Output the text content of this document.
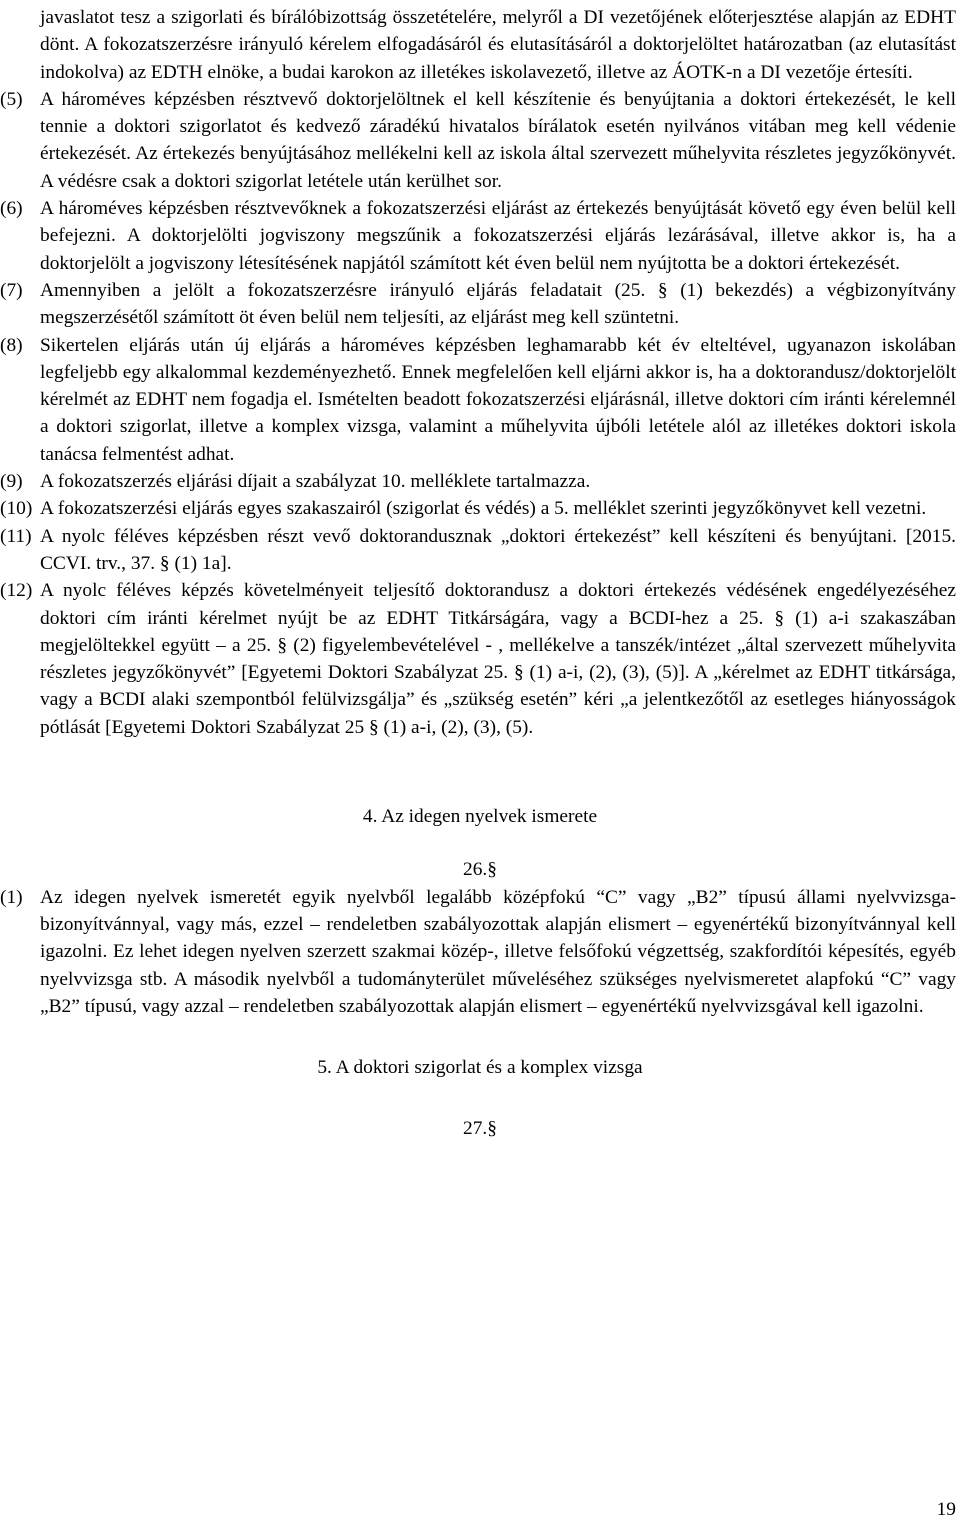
javaslatot tesz a szigorlati és bírálóbizottság összetételére, melyről a DI vezetőjének előterjesztése alapján az EDHT dönt. A fokozatszerzésre irányuló kérelem elfogadásáról és elutasításáról a doktorjelöltet határozatban (az elutasítást indokolva) az EDTH elnöke, a budai karokon az illetékes iskolavezető, illetve az ÁOTK-n a DI vezetője értesíti.
(5) A hároméves képzésben résztvevő doktorjelöltnek el kell készítenie és benyújtania a doktori értekezését, le kell tennie a doktori szigorlatot és kedvező záradékú hivatalos bírálatok esetén nyilvános vitában meg kell védenie értekezését. Az értekezés benyújtásához mellékelni kell az iskola által szervezett műhelyvita részletes jegyzőkönyvét. A védésre csak a doktori szigorlat letétele után kerülhet sor.
(6) A hároméves képzésben résztvevőknek a fokozatszerzési eljárást az értekezés benyújtását követő egy éven belül kell befejezni. A doktorjelölti jogviszony megszűnik a fokozatszerzési eljárás lezárásával, illetve akkor is, ha a doktorjelölt a jogviszony létesítésének napjától számított két éven belül nem nyújtotta be a doktori értekezését.
(7) Amennyiben a jelölt a fokozatszerzésre irányuló eljárás feladatait (25. § (1) bekezdés) a végbizonyítvány megszerzésétől számított öt éven belül nem teljesíti, az eljárást meg kell szüntetni.
(8) Sikertelen eljárás után új eljárás a hároméves képzésben leghamarabb két év elteltével, ugyanazon iskolában legfeljebb egy alkalommal kezdeményezhető. Ennek megfelelően kell eljárni akkor is, ha a doktorandusz/doktorjelölt kérelmét az EDHT nem fogadja el. Ismételten beadott fokozatszerzési eljárásnál, illetve doktori cím iránti kérelemnél a doktori szigorlat, illetve a komplex vizsga, valamint a műhelyvita újbóli letétele alól az illetékes doktori iskola tanácsa felmentést adhat.
(9) A fokozatszerzés eljárási díjait a szabályzat 10. melléklete tartalmazza.
(10) A fokozatszerzési eljárás egyes szakaszairól (szigorlat és védés) a 5. melléklet szerinti jegyzőkönyvet kell vezetni.
(11) A nyolc féléves képzésben részt vevő doktorandusznak „doktori értekezést” kell készíteni és benyújtani. [2015. CCVI. trv., 37. § (1) 1a].
(12) A nyolc féléves képzés követelményeit teljesítő doktorandusz a doktori értekezés védésének engedélyezéséhez doktori cím iránti kérelmet nyújt be az EDHT Titkárságára, vagy a BCDI-hez a 25. § (1) a-i szakaszában megjelöltekkel együtt – a 25. § (2) figyelembevételével - , mellékelve a tanszék/intézet „által szervezett műhelyvita részletes jegyzőkönyvét” [Egyetemi Doktori Szabályzat 25. § (1) a-i, (2), (3), (5)]. A „kérelmet az EDHT titkársága, vagy a BCDI alaki szempontból felülvizsgálja” és „szükség esetén” kéri „a jelentkezőtől az esetleges hiányosságok pótlását [Egyetemi Doktori Szabályzat 25 § (1) a-i, (2), (3), (5).
4. Az idegen nyelvek ismerete
26.§
(1) Az idegen nyelvek ismeretét egyik nyelvből legalább középfokú “C” vagy „B2” típusú állami nyelvvizsga-bizonyítvánnyal, vagy más, ezzel – rendeletben szabályozottak alapján elismert – egyenértékű bizonyítvánnyal kell igazolni. Ez lehet idegen nyelven szerzett szakmai közép-, illetve felsőfokú végzettség, szakfordítói képesítés, egyéb nyelvvizsga stb. A második nyelvből a tudományterület műveléséhez szükséges nyelvismeretet alapfokú “C” vagy „B2” típusú, vagy azzal – rendeletben szabályozottak alapján elismert – egyenértékű nyelvvizsgával kell igazolni.
5. A doktori szigorlat és a komplex vizsga
27.§
19
